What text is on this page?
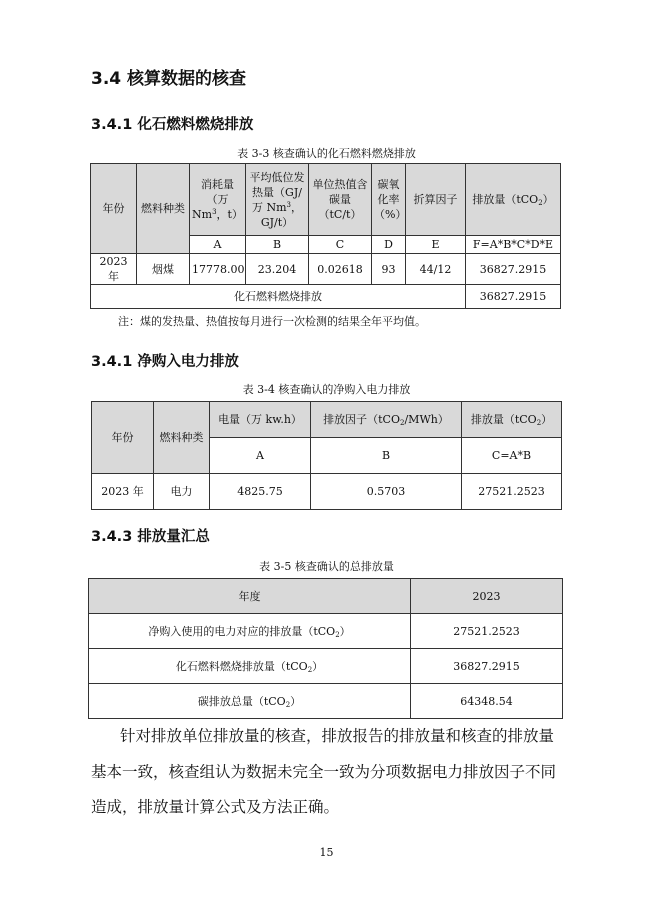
3.4 核算数据的核查
3.4.1 化石燃料燃烧排放
表 3-3 核查确认的化石燃料燃烧排放
年份	燃料种类	消耗量（万 Nm$^3$，t）	平均低位发热量（GJ/万 Nm$^3$，GJ/t）	单位热值含碳量（tC/t）	碳氧化率（%）	折算因子	排放量（tCO$_2$）
		A	B	C	D	E	F=A*B*C*D*E
2023 年	烟煤	17778.00	23.204	0.02618	93	44/12	36827.2915
化石燃料燃烧排放							36827.2915
注：煤的发热量、热值按每月进行一次检测的结果全年平均值。
3.4.1 净购入电力排放
表 3-4 核查确认的净购入电力排放
年份	燃料种类	电量（万 kw.h）	排放因子（tCO$_2$/MWh）	排放量（tCO$_2$）
		A	B	C=A*B
2023 年	电力	4825.75	0.5703	27521.2523
3.4.3 排放量汇总
表 3-5 核查确认的总排放量
年度	2023
净购入使用的电力对应的排放量（tCO$_2$）	27521.2523
化石燃料燃烧排放量（tCO$_2$）	36827.2915
碳排放总量（tCO$_2$）	64348.54
针对排放单位排放量的核查，排放报告的排放量和核查的排放量
基本一致，核查组认为数据未完全一致为分项数据电力排放因子不同
造成，排放量计算公式及方法正确。
15
